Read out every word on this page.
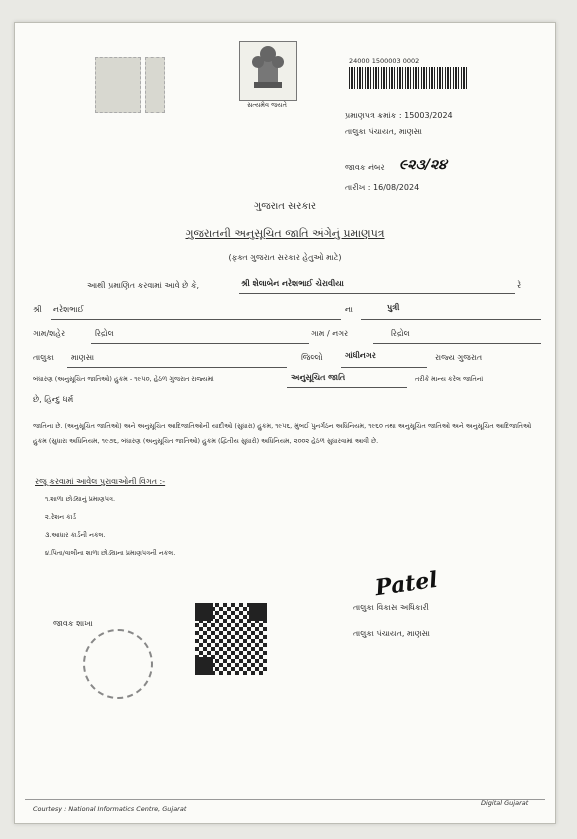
સત્યમેવ જયતે
24000 1500003 0002
પ્રમાણપત્ર ક્રમાંક : 15003/2024
તાલુકા પંચાયત, માણસા
જાવક નંબર ૯૨૩/૨૪
તારીખ : 16/08/2024
ગુજરાત સરકાર
ગુજરાતની અનુસૂચિત જાતિ અંગેનું પ્રમાણપત્ર
(ફક્ત ગુજરાત સરકાર હેતુઓ માટે)
આથી પ્રમાણિત કરવામાં આવે છે કે,	શ્રી શેલાબેન નરેશભાઈ ચેરાવીયા	રે
શ્રી નરેશભાઈ	ના	પુત્રી
ગામ/શહેર	રિદ્રોલ	ગામ / નગર	રિદ્રોલ
તાલુકા માણસા	જિલ્લો	ગાંધીનગર	રાજ્ય ગુજરાત
બંધારણ (અનુસૂચિત જાતિઓ) હુકમ - ૧૯૫૦, હેઠળ ગુજરાત રાજ્યમાં	અનુસૂચિત જાતિ	તરીકે માન્ય કરેલ જાતિનાં
છે, હિન્દુ ધર્મ
જાતિના છે. (અનુસૂચિત જાતિઓ) અને અનુસૂચિત આદિજાતિઓની યાદીઓ (સુધારા) હુકમ, ૧૯૫૬, મુંબઈ પુનર્ગઠન અધિનિયમ, ૧૯૬૦ તથા અનુસૂચિત જાતિઓ અને અનુસૂચિત આદિજાતિઓ હુકમ (સુધારા અધિનિયમ, ૧૯૭૬, બંધારણ (અનુસૂચિત જાતિઓ) હુકમ (દ્વિતીય સુધારો) અધિનિયમ, ૨૦૦૨ હેઠળ સુધારવામાં આવી છે.
રજૂ કરવામાં આવેલ પુરાવાઓની વિગત :-
૧.શાળા છોડ્યાનું પ્રમાણપત્ર.
૨.રેશન કાર્ડ
૩.આધાર કાર્ડની નકલ.
૪.પિતા/વાલીના શાળા છોડ્યાના પ્રમાણપત્રની નકલ.
Patel
તાલુકા વિકાસ અધિકારી
તાલુકા પંચાયત, માણસા
જાવક શાખા
Courtesy : National Informatics Centre, Gujarat
Digital Gujarat
